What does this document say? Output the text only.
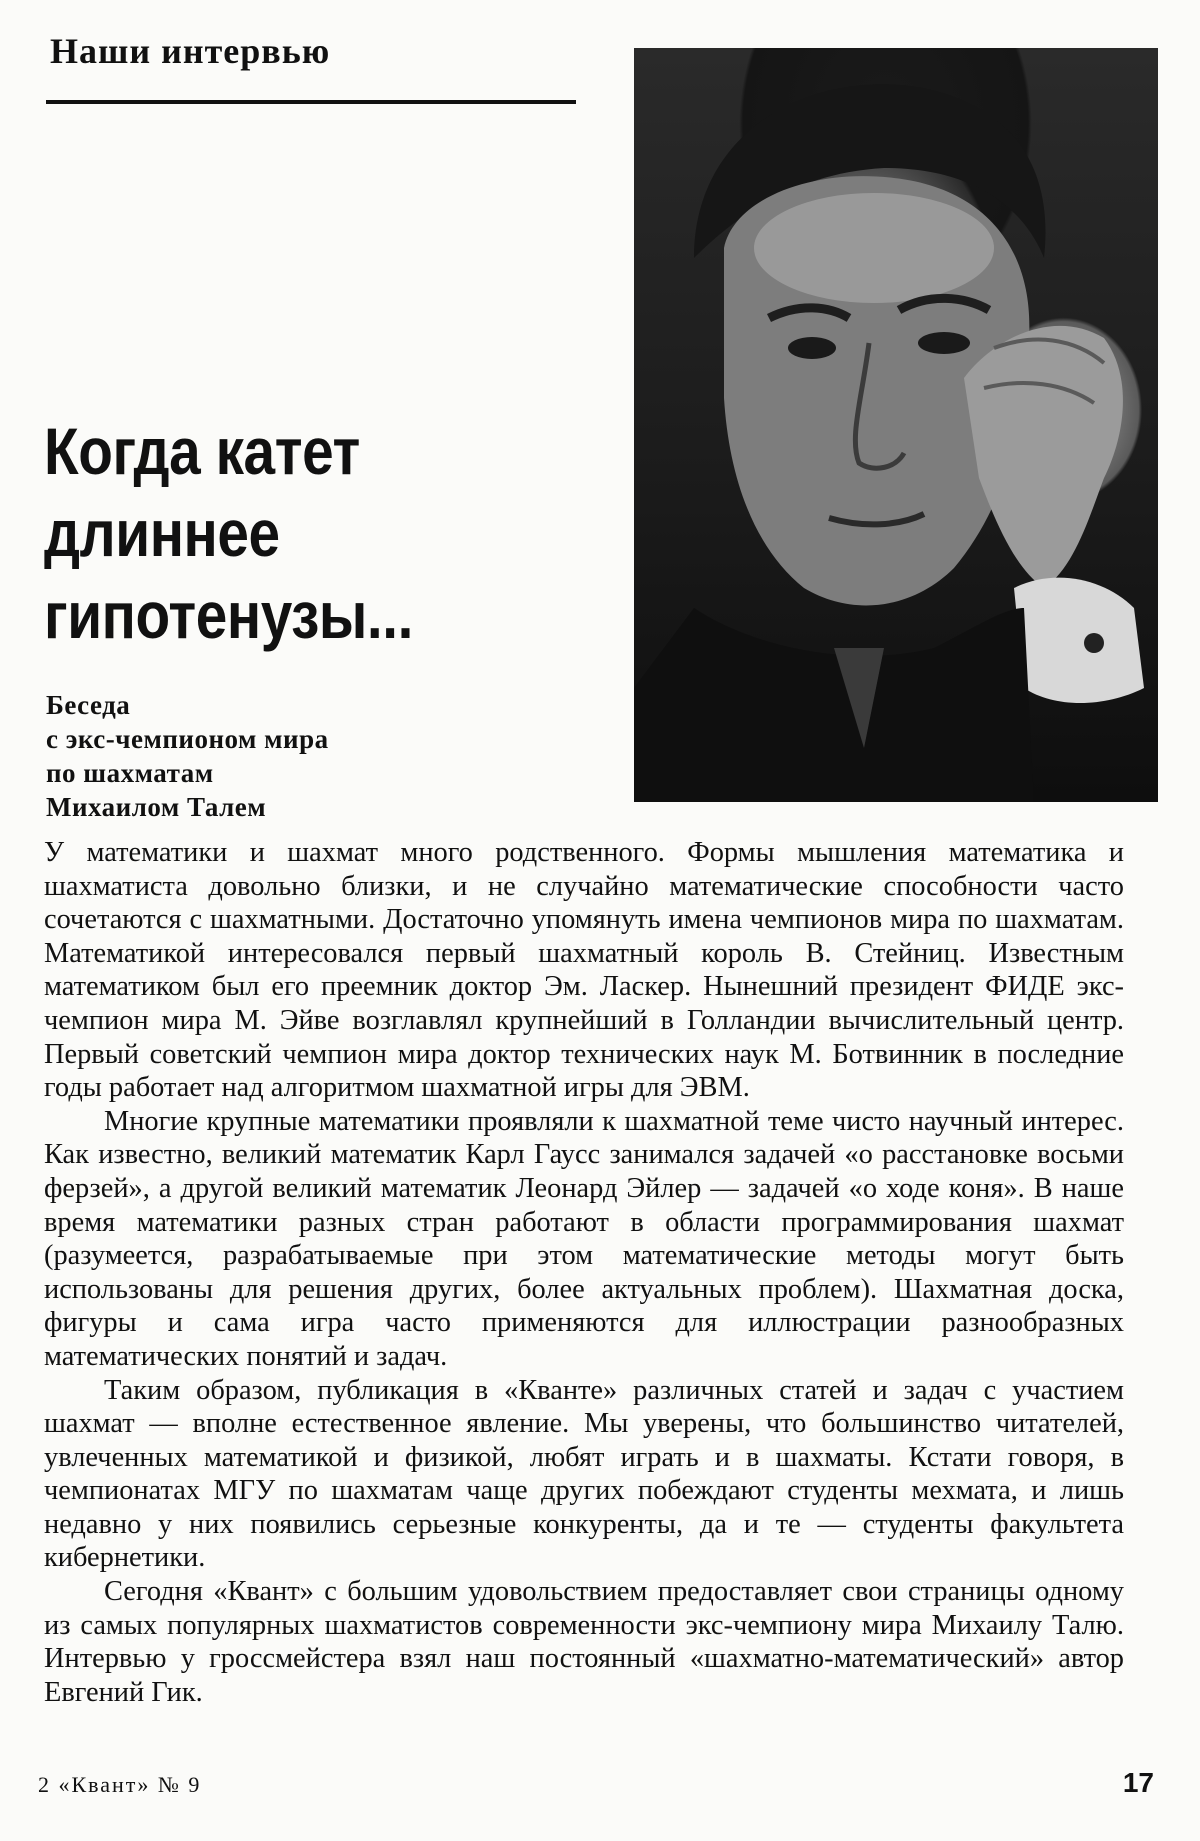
Наши интервью
Когда катет
длиннее
гипотенузы...
Беседа
с экс-чемпионом мира
по шахматам
Михаилом Талем

У математики и шахмат много родственного. Формы мышления математика и шахматиста довольно близки, и не случайно математические способности часто сочетаются с шахматными. Достаточно упомянуть имена чемпионов мира по шахматам. Математикой интересовался первый шахматный король В. Стейниц. Известным математиком был его преемник доктор Эм. Ласкер. Нынешний президент ФИДЕ экс-чемпион мира М. Эйве возглавлял крупнейший в Голландии вычислительный центр. Первый советский чемпион мира доктор технических наук М. Ботвинник в последние годы работает над алгоритмом шахматной игры для ЭВМ.

Многие крупные математики проявляли к шахматной теме чисто научный интерес. Как известно, великий математик Карл Гаусс занимался задачей «о расстановке восьми ферзей», а другой великий математик Леонард Эйлер — задачей «о ходе коня». В наше время математики разных стран работают в области программирования шахмат (разумеется, разрабатываемые при этом математические методы могут быть использованы для решения других, более актуальных проблем). Шахматная доска, фигуры и сама игра часто применяются для иллюстрации разнообразных математических понятий и задач.

Таким образом, публикация в «Кванте» различных статей и задач с участием шахмат — вполне естественное явление. Мы уверены, что большинство читателей, увлеченных математикой и физикой, любят играть и в шахматы. Кстати говоря, в чемпионатах МГУ по шахматам чаще других побеждают студенты мехмата, и лишь недавно у них появились серьезные конкуренты, да и те — студенты факультета кибернетики.

Сегодня «Квант» с большим удовольствием предоставляет свои страницы одному из самых популярных шахматистов современности экс-чемпиону мира Михаилу Талю. Интервью у гроссмейстера взял наш постоянный «шахматно-математический» автор Евгений Гик.

2 «Квант» № 9	17
